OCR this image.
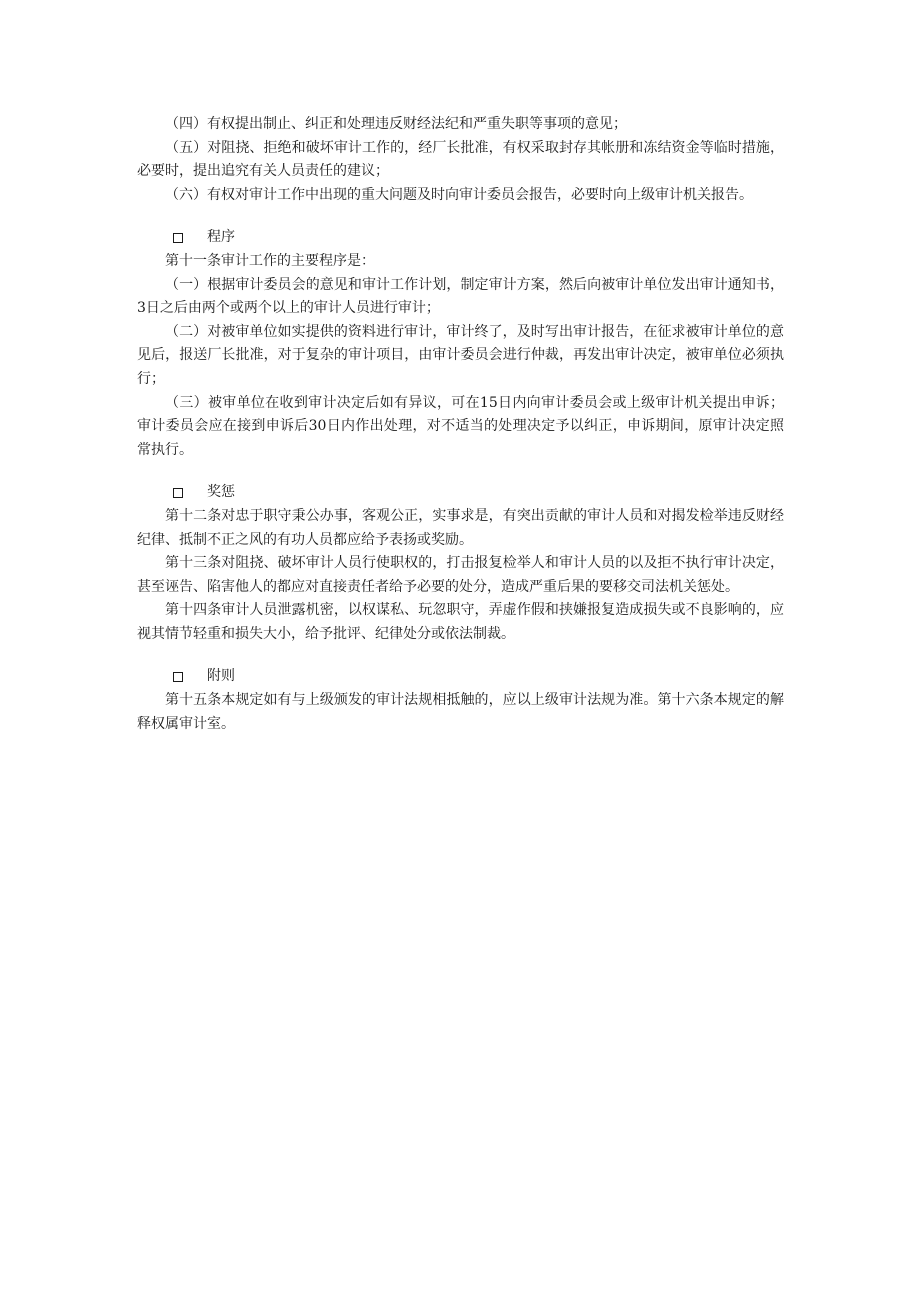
（四）有权提出制止、纠正和处理违反财经法纪和严重失职等事项的意见；

（五）对阻挠、拒绝和破坏审计工作的，经厂长批准，有权采取封存其帐册和冻结资金等临时措施，必要时，提出追究有关人员责任的建议；

（六）有权对审计工作中出现的重大问题及时向审计委员会报告，必要时向上级审计机关报告。

程序

第十一条审计工作的主要程序是：

（一）根据审计委员会的意见和审计工作计划，制定审计方案，然后向被审计单位发出审计通知书，3日之后由两个或两个以上的审计人员进行审计；

（二）对被审单位如实提供的资料进行审计，审计终了，及时写出审计报告，在征求被审计单位的意见后，报送厂长批准，对于复杂的审计项目，由审计委员会进行仲裁，再发出审计决定，被审单位必须执行；

（三）被审单位在收到审计决定后如有异议，可在15日内向审计委员会或上级审计机关提出申诉；审计委员会应在接到申诉后30日内作出处理，对不适当的处理决定予以纠正，申诉期间，原审计决定照常执行。

奖惩

第十二条对忠于职守秉公办事，客观公正，实事求是，有突出贡献的审计人员和对揭发检举违反财经纪律、抵制不正之风的有功人员都应给予表扬或奖励。

第十三条对阻挠、破坏审计人员行使职权的，打击报复检举人和审计人员的以及拒不执行审计决定，甚至诬告、陷害他人的都应对直接责任者给予必要的处分，造成严重后果的要移交司法机关惩处。

第十四条审计人员泄露机密，以权谋私、玩忽职守，弄虚作假和挟嫌报复造成损失或不良影响的，应视其情节轻重和损失大小，给予批评、纪律处分或依法制裁。

附则

第十五条本规定如有与上级颁发的审计法规相抵触的，应以上级审计法规为准。第十六条本规定的解释权属审计室。
